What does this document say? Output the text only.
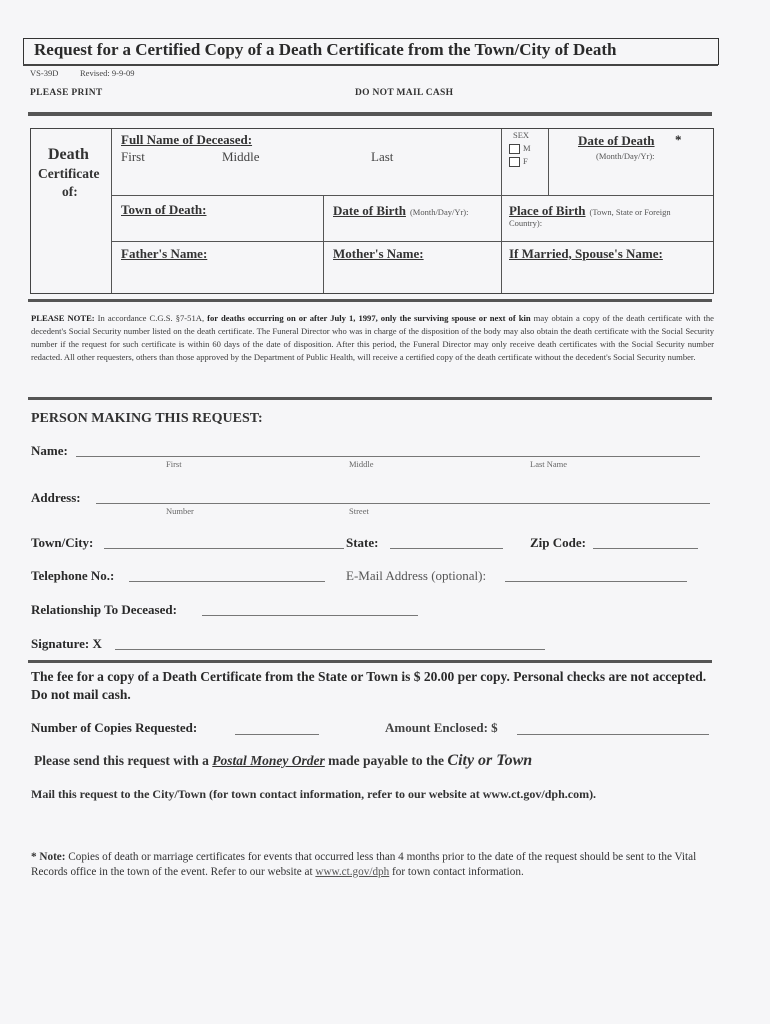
Request for a Certified Copy of a Death Certificate from the Town/City of Death
VS-39D	Revised: 9-9-09
PLEASE PRINT	DO NOT MAIL CASH
Death
Certificate
of:
Full Name of Deceased:
First	Middle	Last
SEX
M
F
Date of Death *
(Month/Day/Yr):
Town of Death:	Date of Birth (Month/Day/Yr):	Place of Birth (Town, State or Foreign
Country):
Father's Name:	Mother's Name:	If Married, Spouse's Name:
PLEASE NOTE: In accordance C.G.S. §7-51A, for deaths occurring on or after July 1, 1997, only the surviving spouse or next of kin may obtain a copy of the death certificate with the decedent's Social Security number listed on the death certificate. The Funeral Director who was in charge of the disposition of the body may also obtain the death certificate with the Social Security number if the request for such certificate is within 60 days of the date of disposition. After this period, the Funeral Director may only receive death certificates with the Social Security number redacted. All other requesters, others than those approved by the Department of Public Health, will receive a certified copy of the death certificate without the decedent's Social Security number.
PERSON MAKING THIS REQUEST:
Name:
First	Middle	Last Name
Address:
Number	Street
Town/City:	State:	Zip Code:
Telephone No.:	E-Mail Address (optional):
Relationship To Deceased:
Signature: X
The fee for a copy of a Death Certificate from the State or Town is $ 20.00 per copy. Personal checks are not accepted. Do not mail cash.
Number of Copies Requested:	Amount Enclosed: $
Please send this request with a Postal Money Order made payable to the City or Town
Mail this request to the City/Town (for town contact information, refer to our website at www.ct.gov/dph.com).
* Note: Copies of death or marriage certificates for events that occurred less than 4 months prior to the date of the request should be sent to the Vital Records office in the town of the event. Refer to our website at www.ct.gov/dph for town contact information.
